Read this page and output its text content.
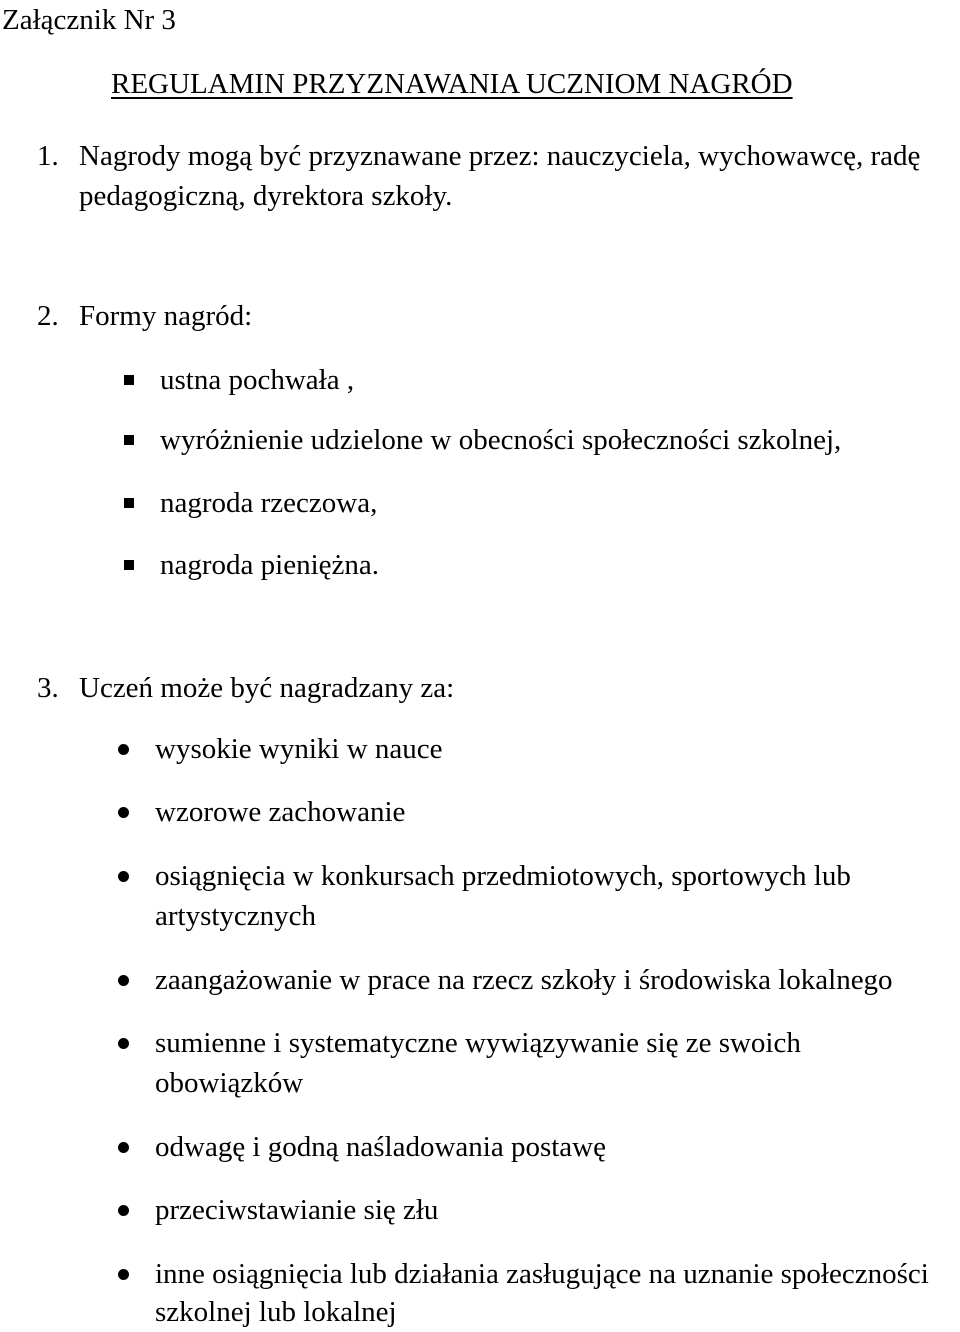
Załącznik Nr 3
REGULAMIN PRZYZNAWANIA UCZNIOM NAGRÓD
1. Nagrody mogą być przyznawane przez: nauczyciela, wychowawcę, radę
pedagogiczną, dyrektora szkoły.
2. Formy nagród:
ustna pochwała ,
wyróżnienie udzielone w obecności społeczności szkolnej,
nagroda rzeczowa,
nagroda pieniężna.
3. Uczeń może być nagradzany za:
wysokie wyniki w nauce
wzorowe zachowanie
osiągnięcia w konkursach przedmiotowych, sportowych lub
artystycznych
zaangażowanie w prace na rzecz szkoły i środowiska lokalnego
sumienne i systematyczne wywiązywanie się ze swoich
obowiązków
odwagę i godną naśladowania postawę
przeciwstawianie się złu
inne osiągnięcia lub działania zasługujące na uznanie społeczności
szkolnej lub lokalnej
